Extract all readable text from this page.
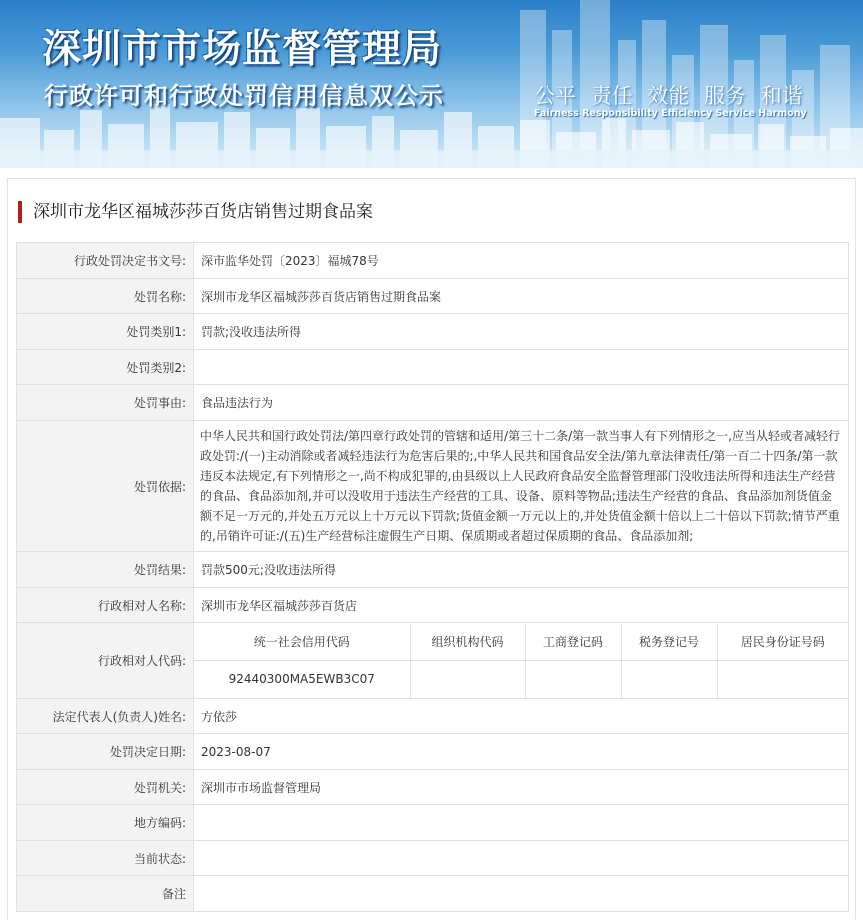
深圳市市场监督管理局
行政许可和行政处罚信用信息双公示	公平 责任 效能 服务 和谐
Fairness Responsibility Efficiency Service Harmony
深圳市龙华区福城莎莎百货店销售过期食品案
行政处罚决定书文号:	深市监华处罚〔2023〕福城78号
处罚名称:	深圳市龙华区福城莎莎百货店销售过期食品案
处罚类别1:	罚款;没收违法所得
处罚类别2:	
处罚事由:	食品违法行为
处罚依据:	中华人民共和国行政处罚法/第四章行政处罚的管辖和适用/第三十二条/第一款当事人有下列情形之一,应当从轻或者减轻行政处罚:/(一)主动消除或者减轻违法行为危害后果的;,中华人民共和国食品安全法/第九章法律责任/第一百二十四条/第一款违反本法规定,有下列情形之一,尚不构成犯罪的,由县级以上人民政府食品安全监督管理部门没收违法所得和违法生产经营的食品、食品添加剂,并可以没收用于违法生产经营的工具、设备、原料等物品;违法生产经营的食品、食品添加剂货值金额不足一万元的,并处五万元以上十万元以下罚款;货值金额一万元以上的,并处货值金额十倍以上二十倍以下罚款;情节严重的,吊销许可证:/(五)生产经营标注虚假生产日期、保质期或者超过保质期的食品、食品添加剂;
处罚结果:	罚款500元;没收违法所得
行政相对人名称:	深圳市龙华区福城莎莎百货店
行政相对人代码:	
统一社会信用代码	组织机构代码	工商登记码	税务登记号	居民身份证号码
92440300MA5EWB3C07				

法定代表人(负责人)姓名:	方依莎
处罚决定日期:	2023-08-07
处罚机关:	深圳市市场监督管理局
地方编码:	
当前状态:	
备注	
